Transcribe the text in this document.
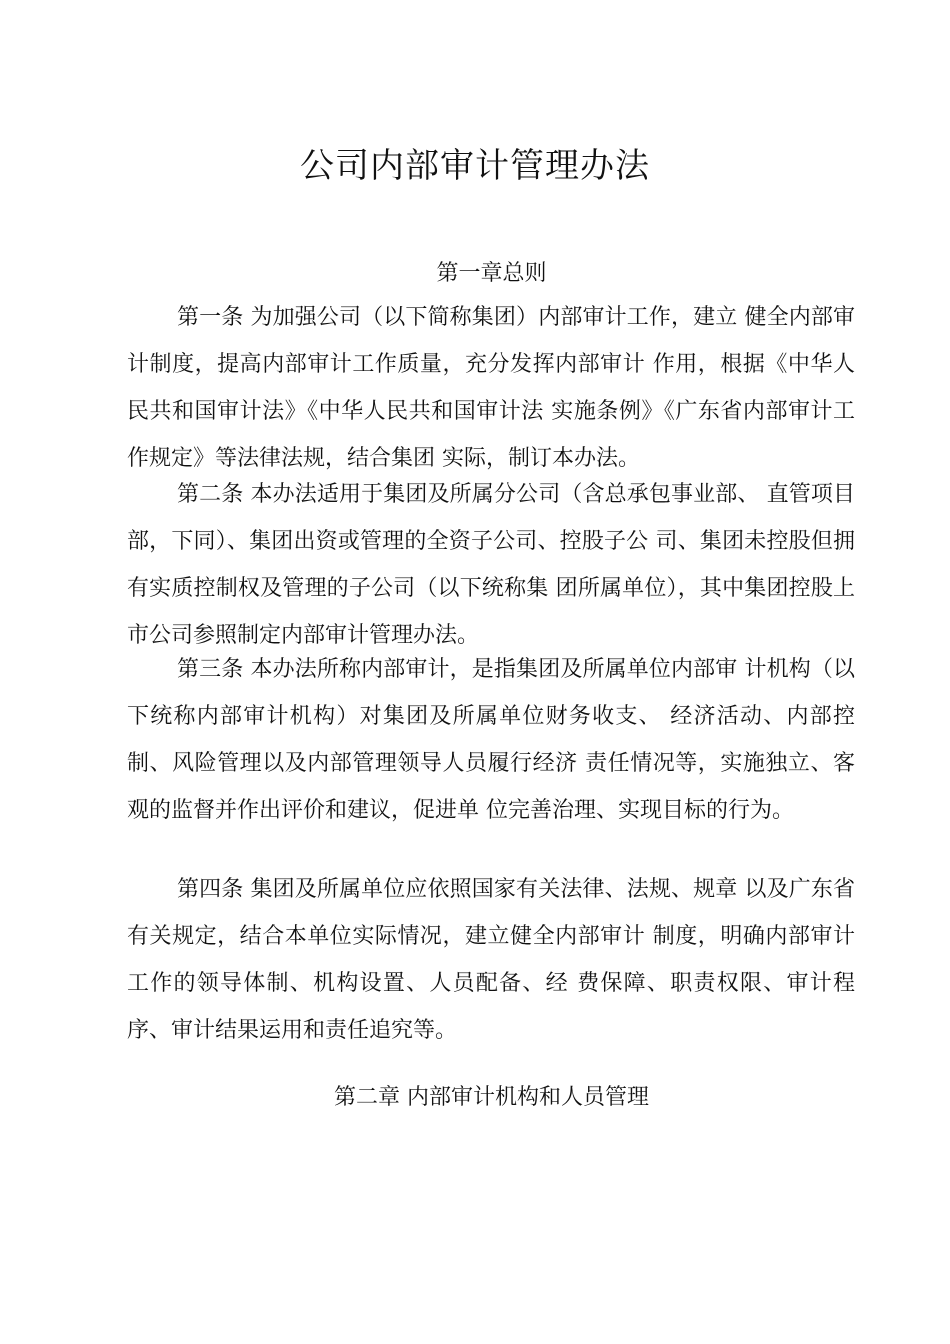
公司内部审计管理办法
第一章总则

第一条 为加强公司（以下简称集团）内部审计工作，建立 健全内部审计制度，提高内部审计工作质量，充分发挥内部审计 作用，根据《中华人民共和国审计法》《中华人民共和国审计法 实施条例》《广东省内部审计工作规定》等法律法规，结合集团 实际，制订本办法。

第二条 本办法适用于集团及所属分公司（含总承包事业部、 直管项目部，下同）、集团出资或管理的全资子公司、控股子公 司、集团未控股但拥有实质控制权及管理的子公司（以下统称集 团所属单位），其中集团控股上市公司参照制定内部审计管理办法。

第三条 本办法所称内部审计，是指集团及所属单位内部审 计机构（以下统称内部审计机构）对集团及所属单位财务收支、 经济活动、内部控制、风险管理以及内部管理领导人员履行经济 责任情况等，实施独立、客观的监督并作出评价和建议，促进单 位完善治理、实现目标的行为。

第四条 集团及所属单位应依照国家有关法律、法规、规章 以及广东省有关规定，结合本单位实际情况，建立健全内部审计 制度，明确内部审计工作的领导体制、机构设置、人员配备、经 费保障、职责权限、审计程序、审计结果运用和责任追究等。

第二章 内部审计机构和人员管理
